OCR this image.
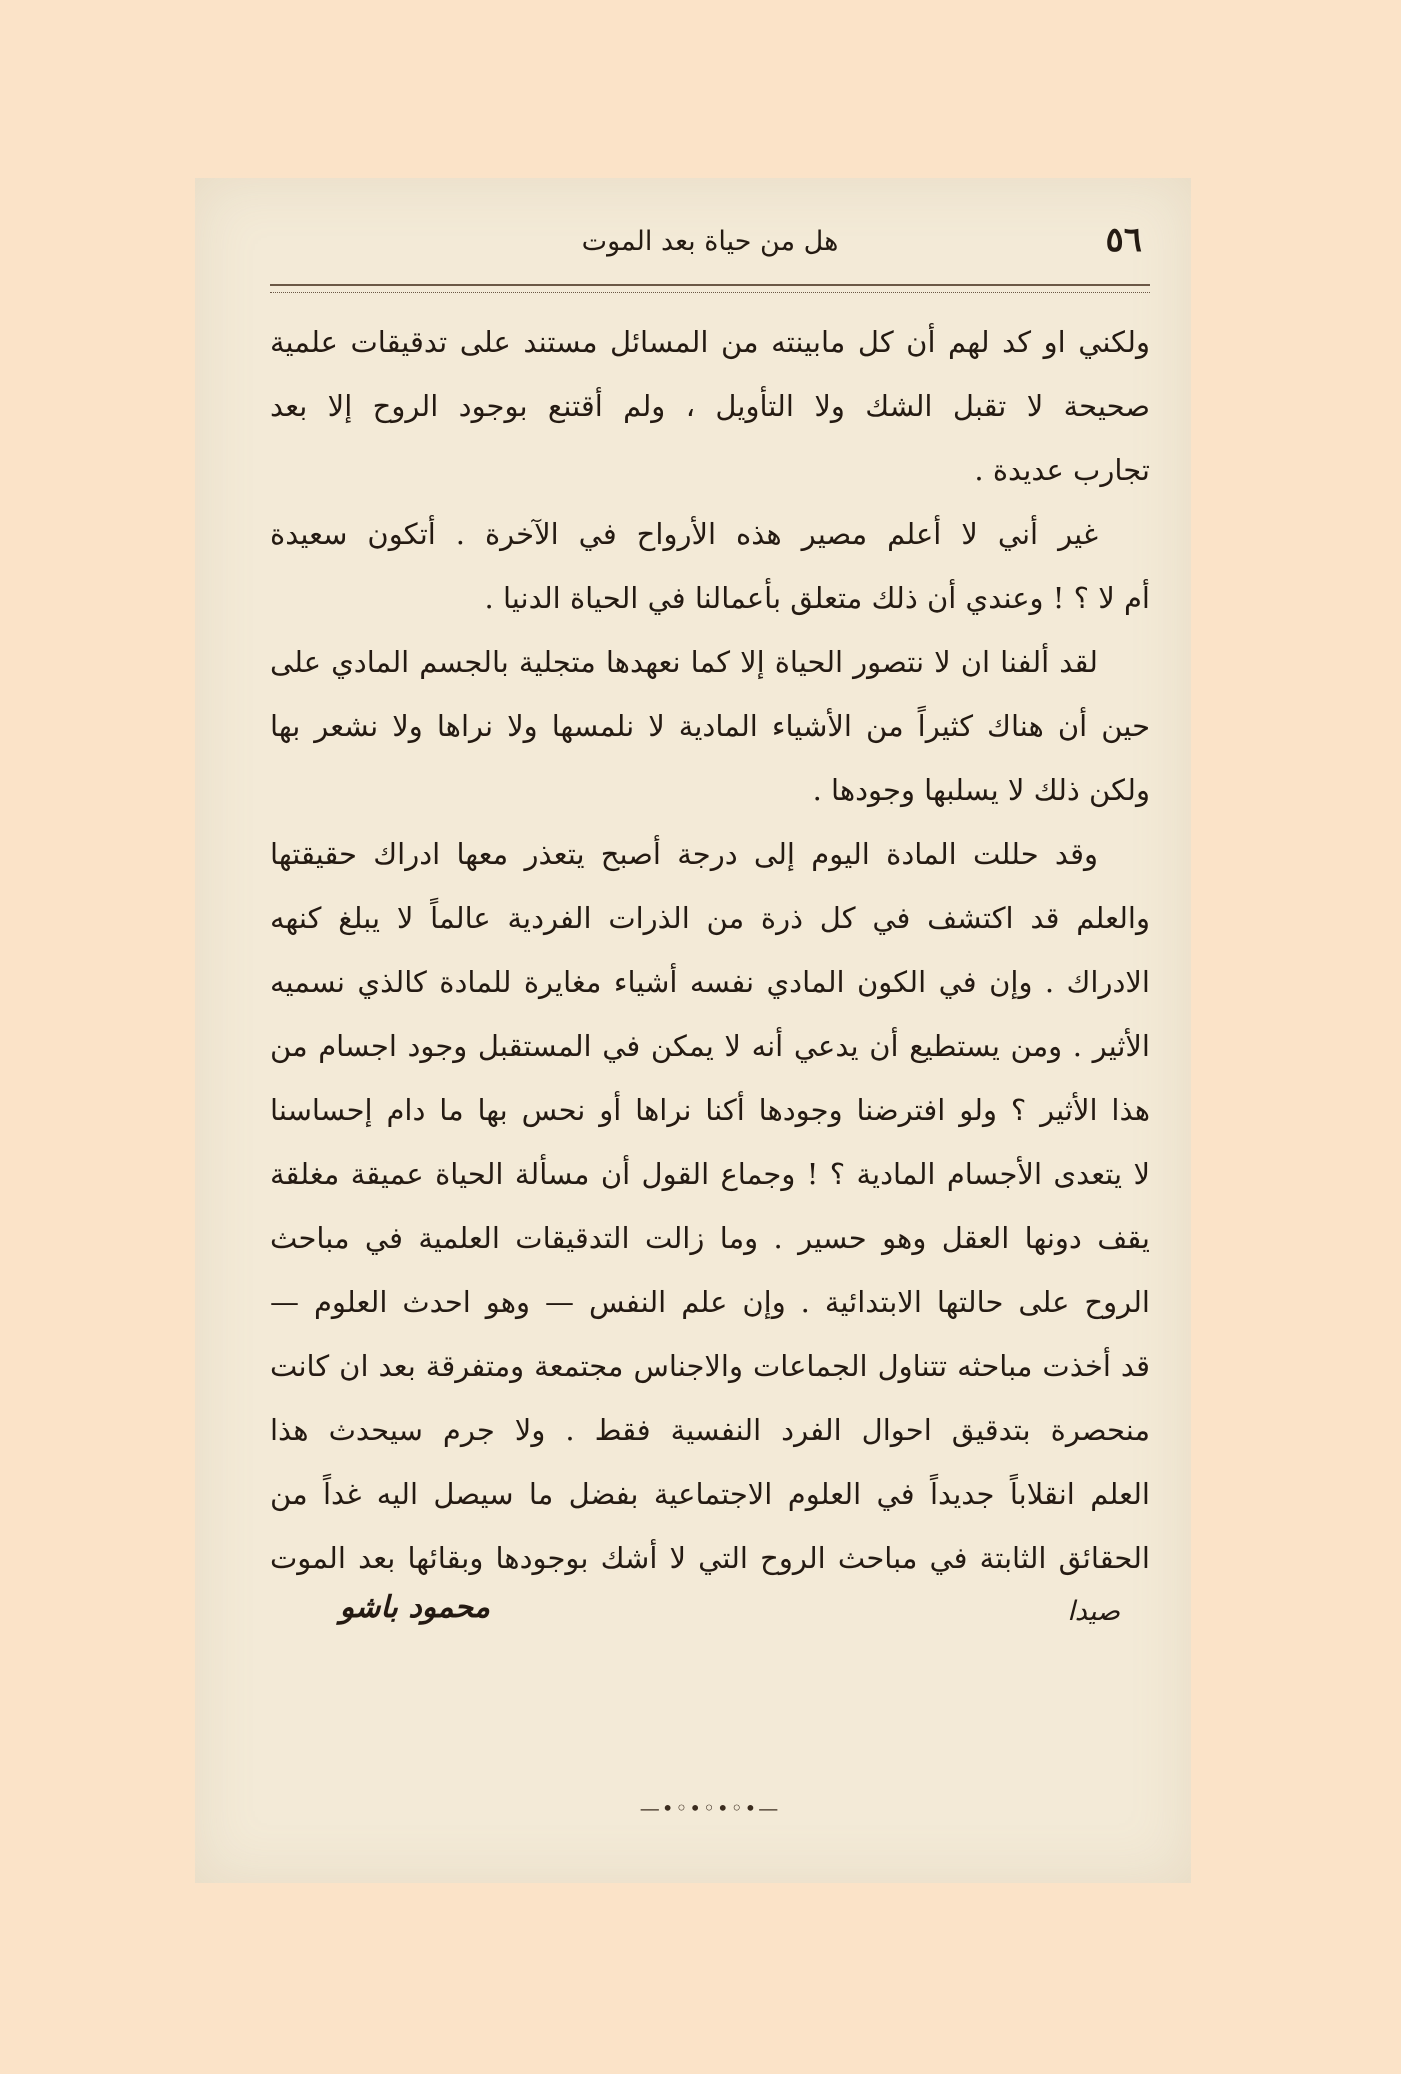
٥٦
هل من حياة بعد الموت
ولكني او كد لهم أن كل مابينته من المسائل مستند على تدقيقات علمية
صحيحة لا تقبل الشك ولا التأويل ، ولم أقتنع بوجود الروح إلا بعد
تجارب عديدة .
غير أني لا أعلم مصير هذه الأرواح في الآخرة . أتكون سعيدة
أم لا ؟ ! وعندي أن ذلك متعلق بأعمالنا في الحياة الدنيا .
لقد ألفنا ان لا نتصور الحياة إلا كما نعهدها متجلية بالجسم المادي على
حين أن هناك كثيراً من الأشياء المادية لا نلمسها ولا نراها ولا نشعر بها
ولكن ذلك لا يسلبها وجودها .
وقد حللت المادة اليوم إلى درجة أصبح يتعذر معها ادراك حقيقتها
والعلم قد اكتشف في كل ذرة من الذرات الفردية عالماً لا يبلغ كنهه
الادراك . وإن في الكون المادي نفسه أشياء مغايرة للمادة كالذي نسميه
الأثير . ومن يستطيع أن يدعي أنه لا يمكن في المستقبل وجود اجسام من
هذا الأثير ؟ ولو افترضنا وجودها أكنا نراها أو نحس بها ما دام إحساسنا
لا يتعدى الأجسام المادية ؟ ! وجماع القول أن مسألة الحياة عميقة مغلقة
يقف دونها العقل وهو حسير . وما زالت التدقيقات العلمية في مباحث
الروح على حالتها الابتدائية . وإن علم النفس — وهو احدث العلوم —
قد أخذت مباحثه تتناول الجماعات والاجناس مجتمعة ومتفرقة بعد ان كانت
منحصرة بتدقيق احوال الفرد النفسية فقط . ولا جرم سيحدث هذا
العلم انقلاباً جديداً في العلوم الاجتماعية بفضل ما سيصل اليه غداً من
الحقائق الثابتة في مباحث الروح التي لا أشك بوجودها وبقائها بعد الموت
صيدا
محمود باشو
—•◦•◦•◦•—
